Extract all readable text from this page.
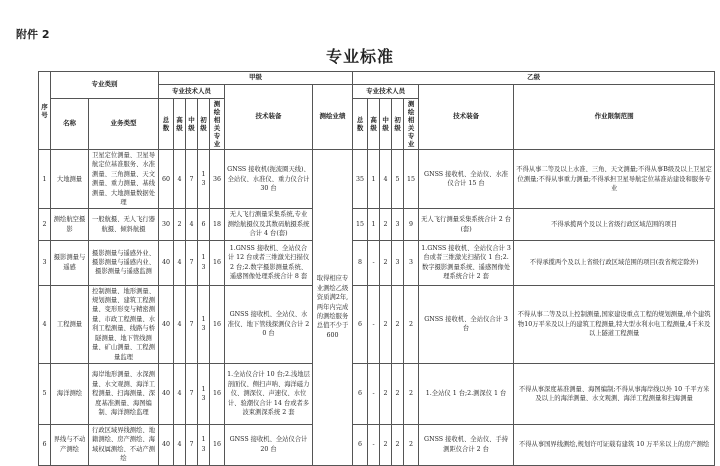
附件 2
专业标准
序号	专业类别		甲级							乙级						
			专业技术人员					技术装备	测绘业绩	专业技术人员					技术装备	作业限制范围
	名称	业务类型	总数	高级	中级	初级	测绘相关专业			总数	高级	中级	初级	测绘相关专业		
1	大地测量	卫星定位测量、卫星导航定位基准服务、水准测量、三角测量、天文测量、重力测量、基线测量、大地测量数据处理	60	4	7	13	36	GNSS 接收机(扼流圈天线)、全站仪、水准仪、重力仪合计 30 台	取得相应专业测绘乙级资质满2年,两年内完成的测绘服务总值不少于600	35	1	4	5	15	GNSS 接收机、全站仪、水准仪合计 15 台	不得从事二等及以上水准、三角、天文测量;不得从事B级及以上卫星定位测量;不得从事重力测量;不得承担卫星导航定位基准站建设和服务专业
2	测绘航空摄影	一般航摄、无人飞行器航摄、倾斜航摄	30	2	4	6	18	无人飞行测量采集系统,专业测绘航摄仪及其数码航摄系统合计 4 台(套)		15	1	2	3	9	无人飞行测量采集系统合计 2 台(套)	不得承揽两个及以上省级行政区域范围的项目
3	摄影测量与遥感	摄影测量与遥感外业、摄影测量与遥感内业、摄影测量与遥感监测	40	4	7	13	16	1.GNSS 接收机、全站仪合计 12 台或者三维激光扫描仪 2 台;2.数字摄影测量系统、遥感图像处理系统合计 8 套		8	-	2	3	3	1.GNSS 接收机、全站仪合计 3 台或者三维激光扫描仪 1 台;2.数字摄影测量系统、遥感图像处理系统合计 2 套	不得承揽两个及以上省级行政区域范围的项目(我省规定除外)
4	工程测量	控制测量、地形测量、规划测量、建筑工程测量、变形形变与精密测量、市政工程测量、水利工程测量、线路与桥隧测量、地下管线测量、矿山测量、工程测量监理	40	4	7	13	16	GNSS 接收机、全站仪、水准仪、地下管线探测仪合计 20 台		6	-	2	2	2	GNSS 接收机、全站仪合计 3 台	不得从事二等及以上控制测量,国家建设重点工程的规划测量,单个建筑物10万平米及以上的建筑工程测量,特大型水利水电工程测量,4千米及以上隧道工程测量
5	海洋测绘	海岸地形测量、水深测量、水文观测、海洋工程测量、扫海测量、深度基准测量、海图编制、海洋测绘监理	40	4	7	13	16	1.全站仪合计 10 台;2.浅地层剖面仪、侧扫声呐、海洋磁力仪、测深仪、声速仪、水位计、验潮仪合计 14 台或者多波束测深系统 2 套		6	-	2	2	2	1.全站仪 1 台;2.测深仪 1 台	不得从事深度基准测量、海图编制;不得从事海岸线以外 10 千平方米及以上的海洋测量、水文观测、海洋工程测量和扫海测量
6	界线与不动产测绘	行政区域界线测绘、地籍测绘、房产测绘、海域权属测绘、不动产测绘	40	4	7	13	16	GNSS 接收机、全站仪合计 20 台		6	-	2	2	2	GNSS 接收机、全站仪、手持测距仪合计 2 台	不得从事国界线测绘,规划许可证载有建筑 10 万平米以上的房产测绘
